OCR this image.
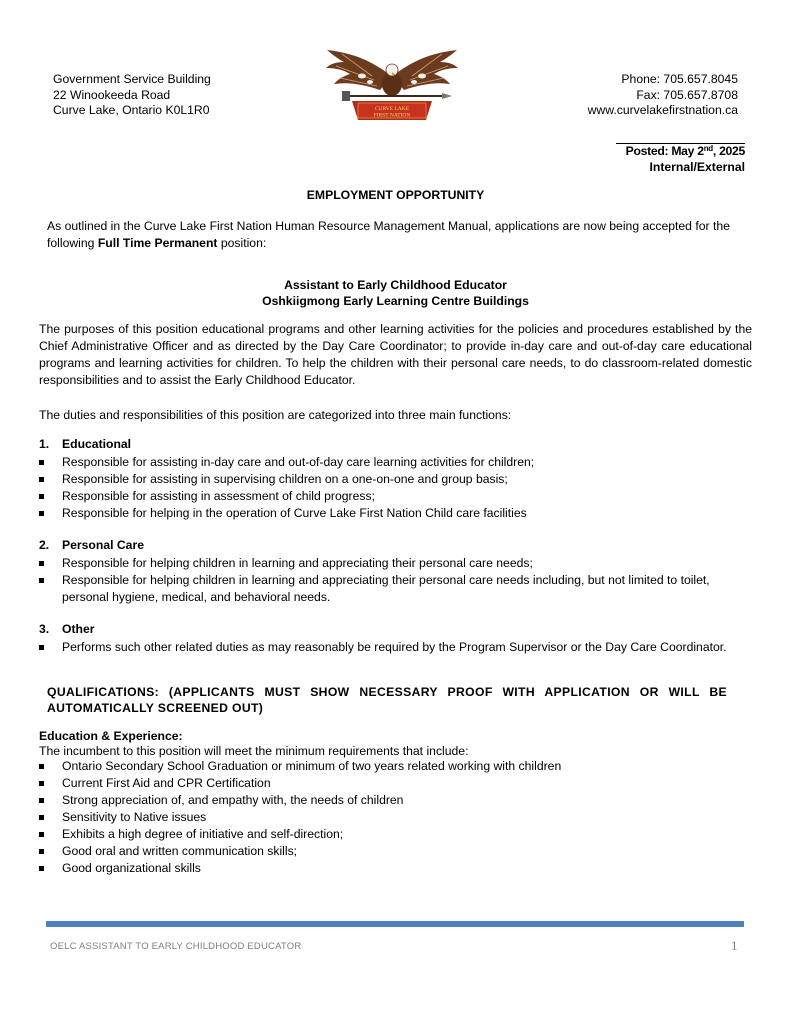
Government Service Building
22 Winookeeda Road
Curve Lake, Ontario K0L1R0	CURVE LAKE
FIRST NATION
Phone: 705.657.8045
Fax: 705.657.8708
www.curvelakefirstnation.ca
Posted: May 2nd, 2025
Internal/External
EMPLOYMENT OPPORTUNITY
As outlined in the Curve Lake First Nation Human Resource Management Manual, applications are now being accepted for the following Full Time Permanent position:
Assistant to Early Childhood Educator
Oshkiigmong Early Learning Centre Buildings
The purposes of this position educational programs and other learning activities for the policies and procedures established by the Chief Administrative Officer and as directed by the Day Care Coordinator; to provide in-day care and out-of-day care educational programs and learning activities for children. To help the children with their personal care needs, to do classroom-related domestic responsibilities and to assist the Early Childhood Educator.
The duties and responsibilities of this position are categorized into three main functions:
1. Educational
Responsible for assisting in-day care and out-of-day care learning activities for children;
Responsible for assisting in supervising children on a one-on-one and group basis;
Responsible for assisting in assessment of child progress;
Responsible for helping in the operation of Curve Lake First Nation Child care facilities
2. Personal Care
Responsible for helping children in learning and appreciating their personal care needs;
Responsible for helping children in learning and appreciating their personal care needs including, but not limited to toilet, personal hygiene, medical, and behavioral needs.
3. Other
Performs such other related duties as may reasonably be required by the Program Supervisor or the Day Care Coordinator.
QUALIFICATIONS: (APPLICANTS MUST SHOW NECESSARY PROOF WITH APPLICATION OR WILL BE AUTOMATICALLY SCREENED OUT)
Education & Experience:
The incumbent to this position will meet the minimum requirements that include:
Ontario Secondary School Graduation or minimum of two years related working with children
Current First Aid and CPR Certification
Strong appreciation of, and empathy with, the needs of children
Sensitivity to Native issues
Exhibits a high degree of initiative and self-direction;
Good oral and written communication skills;
Good organizational skills
OELC ASSISTANT TO EARLY CHILDHOOD EDUCATOR	1
